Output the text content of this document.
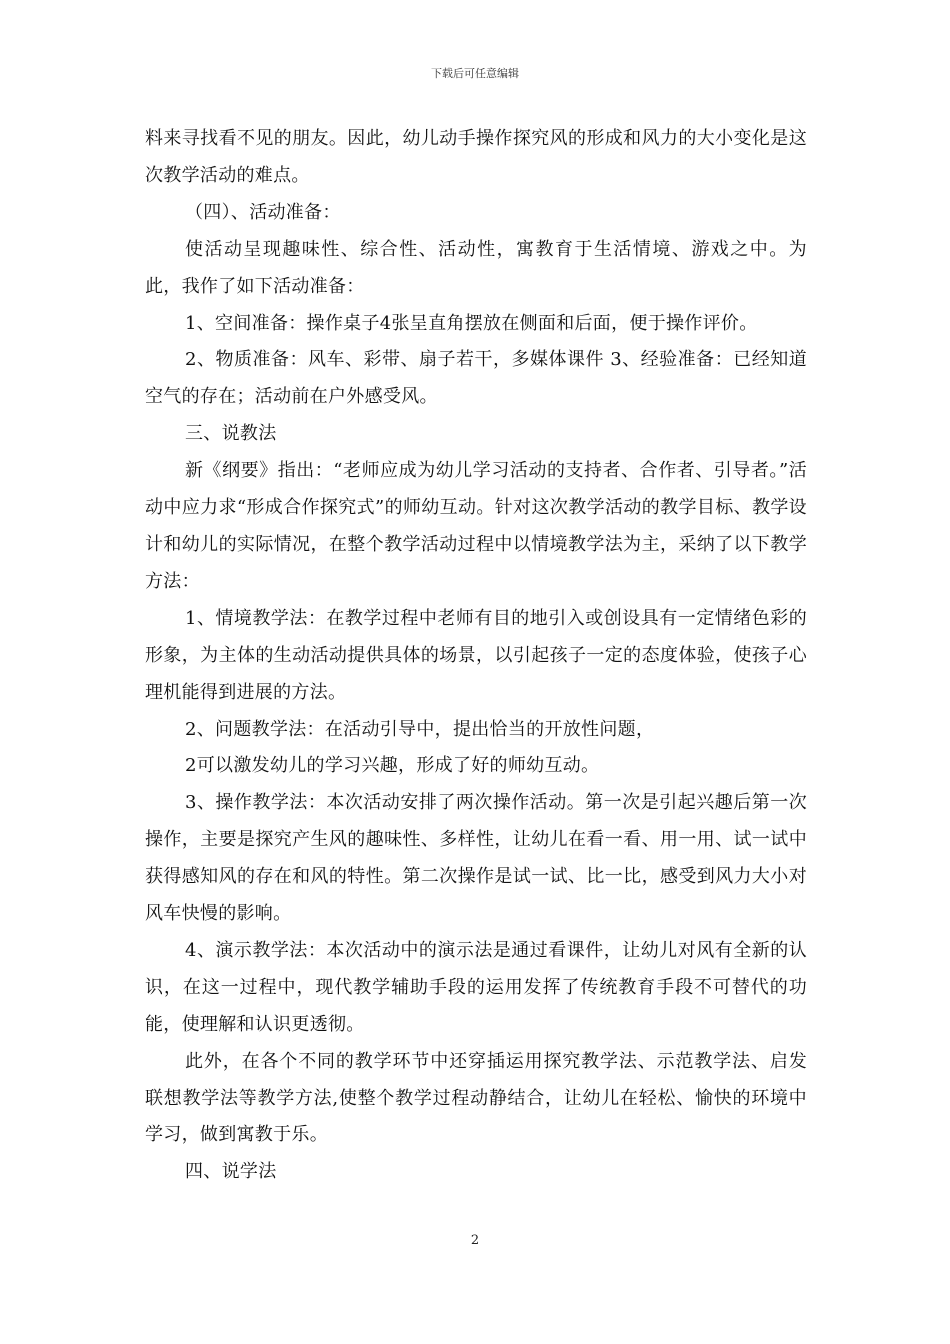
下载后可任意编辑

料来寻找看不见的朋友。因此，幼儿动手操作探究风的形成和风力的大小变化是这次教学活动的难点。

（四）、活动准备：

使活动呈现趣味性、综合性、活动性，寓教育于生活情境、游戏之中。为此，我作了如下活动准备：

1、空间准备：操作桌子4张呈直角摆放在侧面和后面，便于操作评价。

2、物质准备：风车、彩带、扇子若干，多媒体课件 3、经验准备：已经知道空气的存在；活动前在户外感受风。

三、说教法

新《纲要》指出：“老师应成为幼儿学习活动的支持者、合作者、引导者。”活动中应力求“形成合作探究式”的师幼互动。针对这次教学活动的教学目标、教学设计和幼儿的实际情况，在整个教学活动过程中以情境教学法为主，采纳了以下教学方法：

1、情境教学法：在教学过程中老师有目的地引入或创设具有一定情绪色彩的形象，为主体的生动活动提供具体的场景，以引起孩子一定的态度体验，使孩子心理机能得到进展的方法。

2、问题教学法：在活动引导中，提出恰当的开放性问题，

2可以激发幼儿的学习兴趣，形成了好的师幼互动。

3、操作教学法：本次活动安排了两次操作活动。第一次是引起兴趣后第一次操作，主要是探究产生风的趣味性、多样性，让幼儿在看一看、用一用、试一试中获得感知风的存在和风的特性。第二次操作是试一试、比一比，感受到风力大小对风车快慢的影响。

4、演示教学法：本次活动中的演示法是通过看课件，让幼儿对风有全新的认识，在这一过程中，现代教学辅助手段的运用发挥了传统教育手段不可替代的功能，使理解和认识更透彻。

此外，在各个不同的教学环节中还穿插运用探究教学法、示范教学法、启发联想教学法等教学方法,使整个教学过程动静结合，让幼儿在轻松、愉快的环境中学习，做到寓教于乐。

四、说学法

2
